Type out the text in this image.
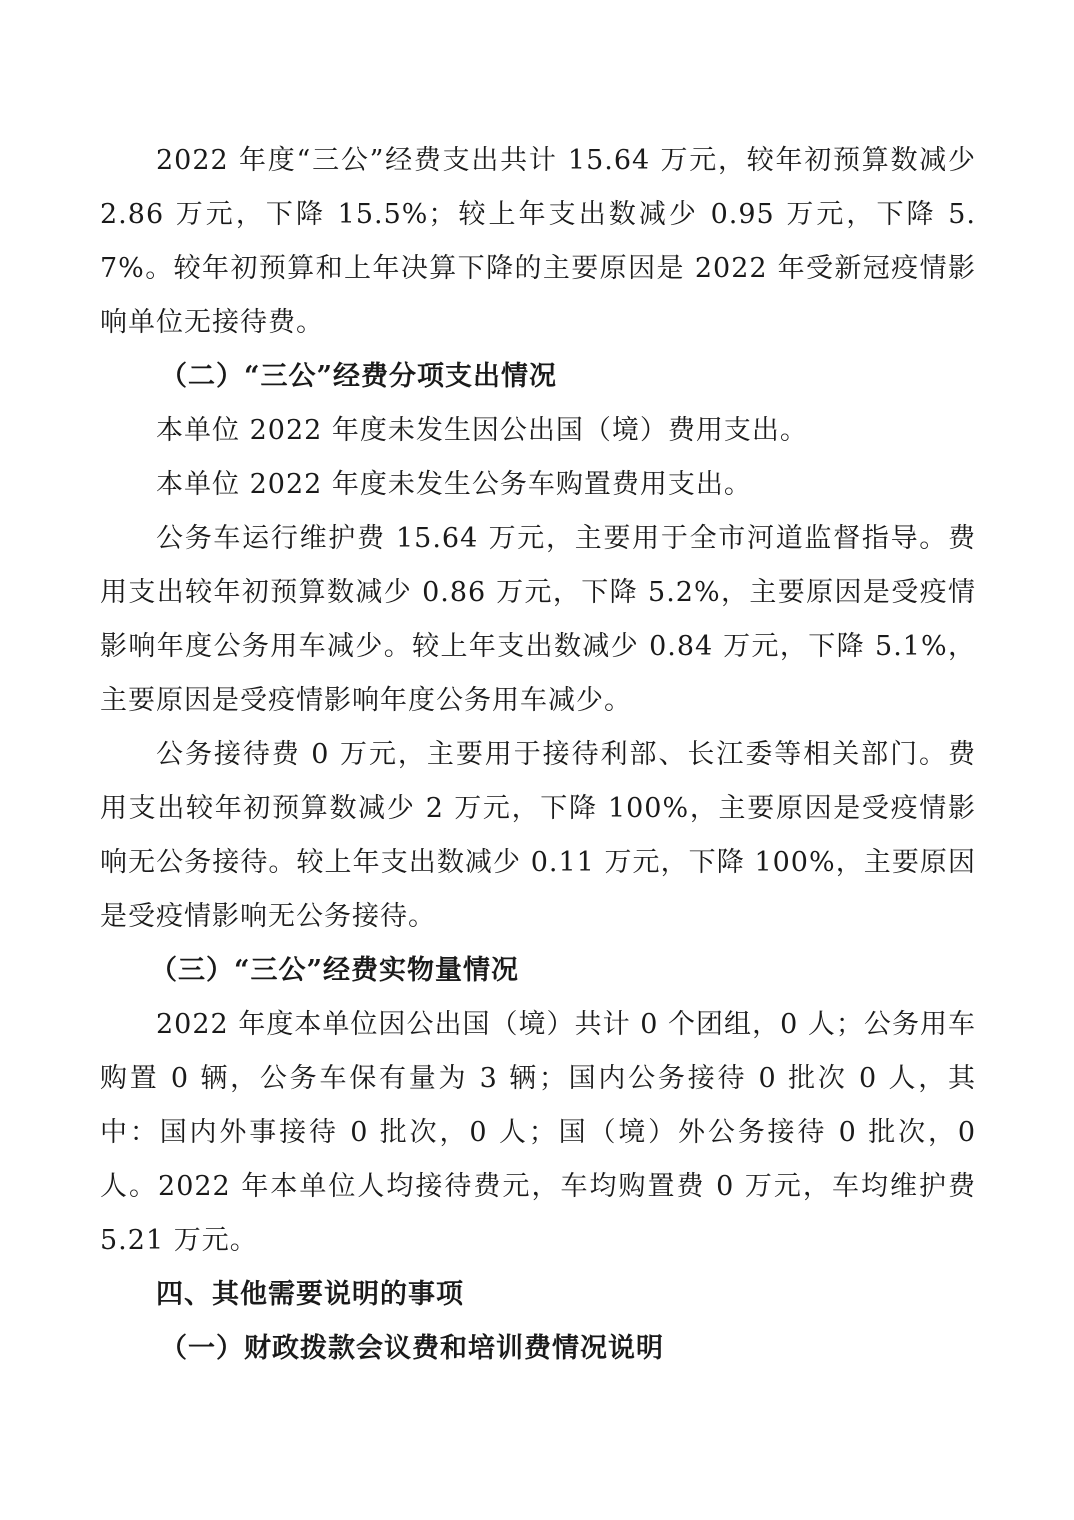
2022 年度“三公”经费支出共计 15.64 万元，较年初预算数减少 2.86 万元，下降 15.5%；较上年支出数减少 0.95 万元，下降 5.7%。较年初预算和上年决算下降的主要原因是 2022 年受新冠疫情影响单位无接待费。

（二）“三公”经费分项支出情况

本单位 2022 年度未发生因公出国（境）费用支出。

本单位 2022 年度未发生公务车购置费用支出。

公务车运行维护费 15.64 万元，主要用于全市河道监督指导。费用支出较年初预算数减少 0.86 万元，下降 5.2%，主要原因是受疫情影响年度公务用车减少。较上年支出数减少 0.84 万元，下降 5.1%，主要原因是受疫情影响年度公务用车减少。

公务接待费 0 万元，主要用于接待利部、长江委等相关部门。费用支出较年初预算数减少 2 万元，下降 100%，主要原因是受疫情影响无公务接待。较上年支出数减少 0.11 万元，下降 100%，主要原因是受疫情影响无公务接待。

（三）“三公”经费实物量情况

2022 年度本单位因公出国（境）共计 0 个团组，0 人；公务用车购置 0 辆，公务车保有量为 3 辆；国内公务接待 0 批次 0 人，其中：国内外事接待 0 批次，0 人；国（境）外公务接待 0 批次，0 人。2022 年本单位人均接待费元，车均购置费 0 万元，车均维护费 5.21 万元。

四、其他需要说明的事项

（一）财政拨款会议费和培训费情况说明
